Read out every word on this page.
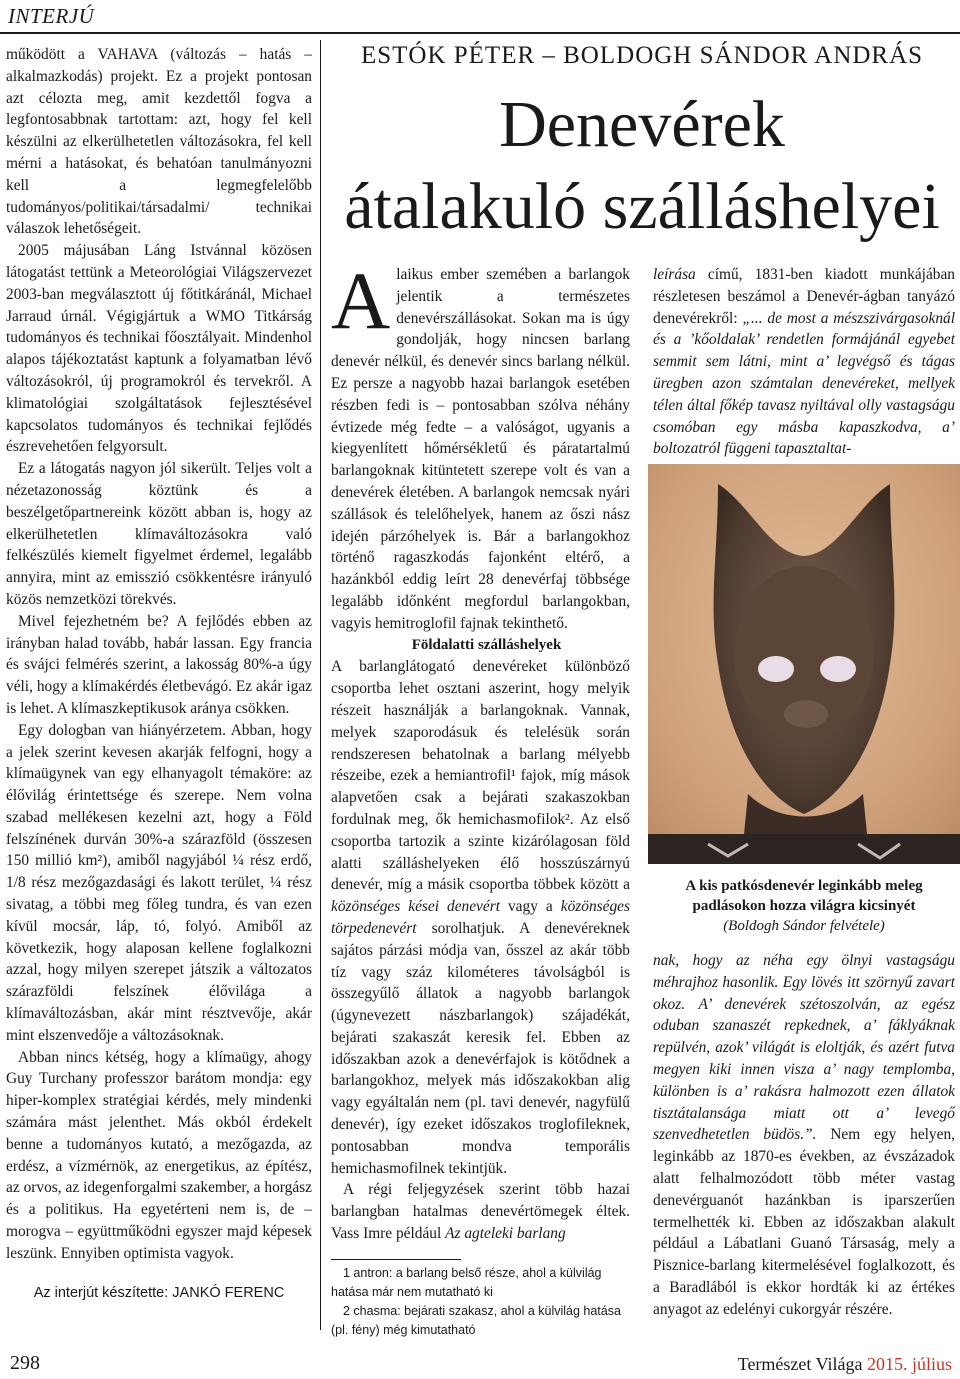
INTERJÚ

működött a VAHAVA (változás – hatás – alkalmazkodás) projekt. Ez a projekt pontosan azt célozta meg, amit kezdettől fogva a legfontosabbnak tartottam: azt, hogy fel kell készülni az elkerülhetetlen változásokra, fel kell mérni a hatásokat, és behatóan tanulmányozni kell a legmegfelelőbb tudományos/politikai/társadalmi/ technikai válaszok lehetőségeit.

2005 májusában Láng Istvánnal közösen látogatást tettünk a Meteorológiai Világszervezet 2003-ban megválasztott új főtitkáránál, Michael Jarraud úrnál. Végigjártuk a WMO Titkárság tudományos és technikai főosztályait. Mindenhol alapos tájékoztatást kaptunk a folyamatban lévő változásokról, új programokról és tervekről. A klimatológiai szolgáltatások fejlesztésével kapcsolatos tudományos és technikai fejlődés észrevehetően felgyorsult.

Ez a látogatás nagyon jól sikerült. Teljes volt a nézetazonosság köztünk és a beszélgetőpartnereink között abban is, hogy az elkerülhetetlen klímaváltozásokra való felkészülés kiemelt figyelmet érdemel, legalább annyira, mint az emisszió csökkentésre irányuló közös nemzetközi törekvés.

Mivel fejezhetném be? A fejlődés ebben az irányban halad tovább, habár lassan. Egy francia és svájci felmérés szerint, a lakosság 80%-a úgy véli, hogy a klímakérdés életbevágó. Ez akár igaz is lehet. A klímaszkeptikusok aránya csökken.

Egy dologban van hiányérzetem. Abban, hogy a jelek szerint kevesen akarják felfogni, hogy a klímaügynek van egy elhanyagolt témaköre: az élővilág érintettsége és szerepe. Nem volna szabad mellékesen kezelni azt, hogy a Föld felszínének durván 30%-a szárazföld (összesen 150 millió km²), amiből nagyjából ¼ rész erdő, 1/8 rész mezőgazdasági és lakott terület, ¼ rész sivatag, a többi meg főleg tundra, és van ezen kívül mocsár, láp, tó, folyó. Amiből az következik, hogy alaposan kellene foglalkozni azzal, hogy milyen szerepet játszik a változatos szárazföldi felszínek élővilága a klímaváltozásban, akár mint résztvevője, akár mint elszenvedője a változásoknak.

Abban nincs kétség, hogy a klímaügy, ahogy Guy Turchany professzor barátom mondja: egy hiper-komplex stratégiai kérdés, mely mindenki számára mást jelenthet. Más okból érdekelt benne a tudományos kutató, a mezőgazda, az erdész, a vízmérnök, az energetikus, az építész, az orvos, az idegenforgalmi szakember, a horgász és a politikus. Ha egyetérteni nem is, de – morogva – együttműködni egyszer majd képesek leszünk. Ennyiben optimista vagyok.

Az interjút készítette: JANKÓ FERENC

ESTÓK PÉTER – BOLDOGH SÁNDOR ANDRÁS
Denevérek
átalakuló szálláshelyei

Alaikus ember szemében a barlangok jelentik a természetes denevérszállásokat. Sokan ma is úgy gondolják, hogy nincsen barlang denevér nélkül, és denevér sincs barlang nélkül. Ez persze a nagyobb hazai barlangok esetében részben fedi is – pontosabban szólva néhány évtizede még fedte – a valóságot, ugyanis a kiegyenlített hőmérsékletű és páratartalmú barlangoknak kitüntetett szerepe volt és van a denevérek életében. A barlangok nemcsak nyári szállások és telelőhelyek, hanem az őszi nász idején párzóhelyek is. Bár a barlangokhoz történő ragaszkodás fajonként eltérő, a hazánkból eddig leírt 28 denevérfaj többsége legalább időnként megfordul barlangokban, vagyis hemitroglofil fajnak tekinthető.

Földalatti szálláshelyek

A barlanglátogató denevéreket különböző csoportba lehet osztani aszerint, hogy melyik részeit használják a barlangoknak. Vannak, melyek szaporodásuk és telelésük során rendszeresen behatolnak a barlang mélyebb részeibe, ezek a hemiantrofil¹ fajok, míg mások alapvetően csak a bejárati szakaszokban fordulnak meg, ők hemichasmofilok². Az első csoportba tartozik a szinte kizárólagosan föld alatti szálláshelyeken élő hosszúszárnyú denevér, míg a másik csoportba többek között a közönséges kései denevért vagy a közönséges törpedenevért sorolhatjuk. A denevéreknek sajátos párzási módja van, ősszel az akár több tíz vagy száz kilométeres távolságból is összegyűlő állatok a nagyobb barlangok (úgynevezett nászbarlangok) szájadékát, bejárati szakaszát keresik fel. Ebben az időszakban azok a denevérfajok is kötődnek a barlangokhoz, melyek más időszakokban alig vagy egyáltalán nem (pl. tavi denevér, nagyfülű denevér), így ezeket időszakos troglofileknek, pontosabban mondva temporális hemichasmofilnek tekintjük.

A régi feljegyzések szerint több hazai barlangban hatalmas denevértömegek éltek. Vass Imre például Az agteleki barlang

1 antron: a barlang belső része, ahol a külvilág hatása már nem mutatható ki

2 chasma: bejárati szakasz, ahol a külvilág hatása (pl. fény) még kimutatható

leírása című, 1831-ben kiadott munkájában részletesen beszámol a Denevér-ágban tanyázó denevérekről: „... de most a mészszivárgasoknál és a ’kőoldalak’ rendetlen formájánál egyebet semmit sem látni, mint a’ legvégső és tágas üregben azon számtalan denevéreket, mellyek télen által főkép tavasz nyiltával olly vastagságu csomóban egy másba kapaszkodva, a’ boltozatról függeni tapasztaltat-

A kis patkósdenevér leginkább meleg padlásokon hozza világra kicsinyét
(Boldogh Sándor felvétele)

nak, hogy az néha egy ölnyi vastagságu méhrajhoz hasonlik. Egy lövés itt szörnyű zavart okoz. A’ denevérek szétoszolván, az egész oduban szanaszét repkednek, a’ fáklyáknak repülvén, azok’ világát is eloltják, és azért futva megyen kiki innen visza a’ nagy templomba, különben is a’ rakásra halmozott ezen állatok tisztátalansága miatt ott a’ levegő szenvedhetetlen büdös.”. Nem egy helyen, leginkább az 1870-es években, az évszázadok alatt felhalmozódott több méter vastag denevérguanót hazánkban is iparszerűen termelhették ki. Ebben az időszakban alakult például a Lábatlani Guanó Társaság, mely a Pisznice-barlang kitermelésével foglalkozott, és a Baradlából is ekkor hordták ki az értékes anyagot az edelényi cukorgyár részére.

298	Természet Világa 2015. július
